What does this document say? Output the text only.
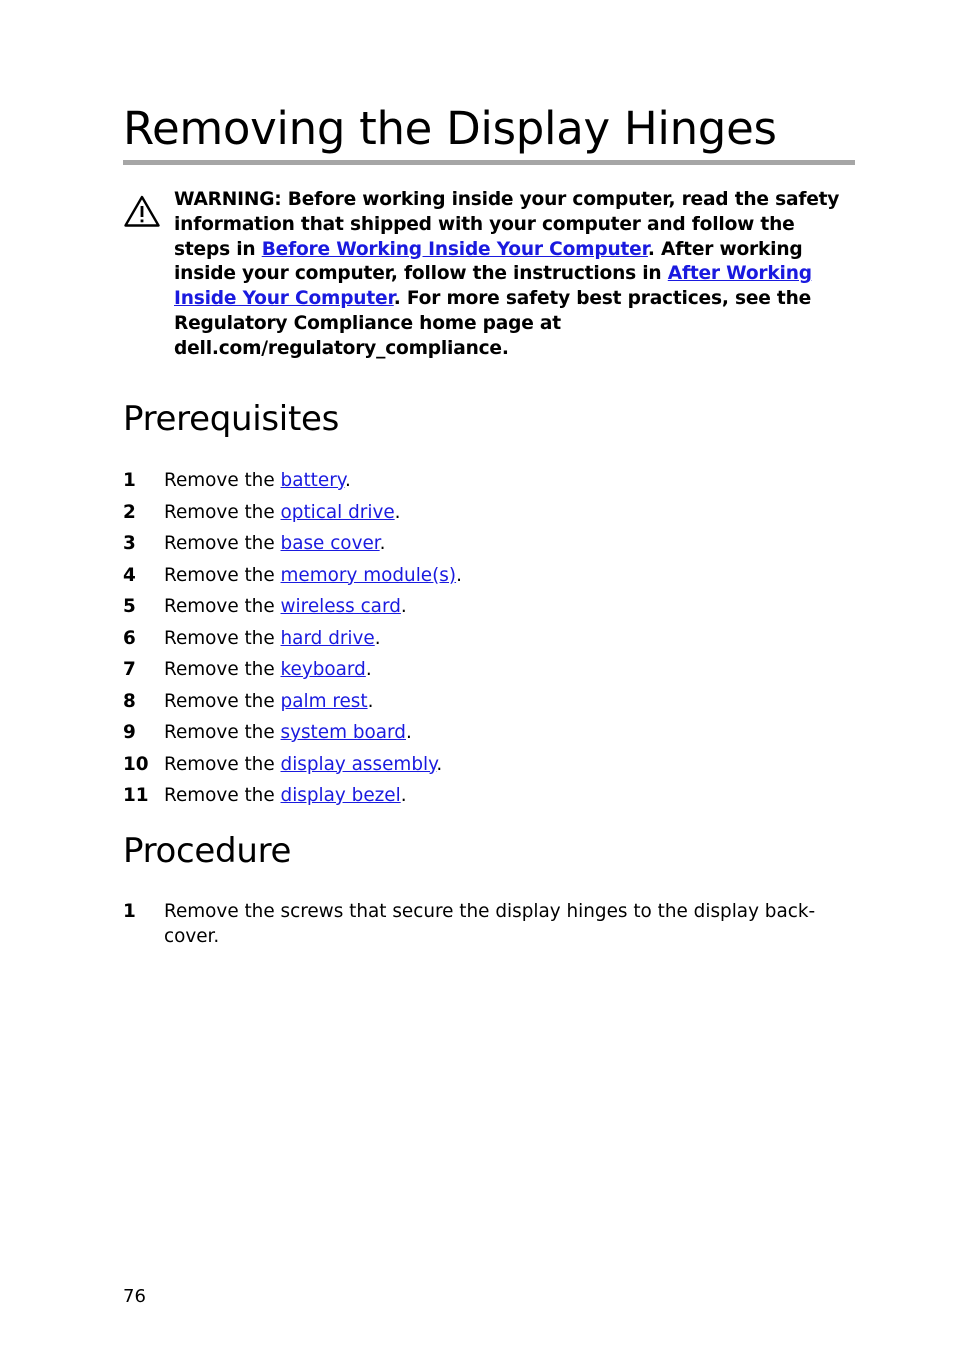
Removing the Display Hinges
WARNING: Before working inside your computer, read the safety information that shipped with your computer and follow the steps in Before Working Inside Your Computer. After working inside your computer, follow the instructions in After Working Inside Your Computer. For more safety best practices, see the Regulatory Compliance home page at dell.com/regulatory_compliance.
Prerequisites
1 Remove the battery.
2 Remove the optical drive.
3 Remove the base cover.
4 Remove the memory module(s).
5 Remove the wireless card.
6 Remove the hard drive.
7 Remove the keyboard.
8 Remove the palm rest.
9 Remove the system board.
10 Remove the display assembly.
11 Remove the display bezel.
Procedure
1 Remove the screws that secure the display hinges to the display back-cover.
76
